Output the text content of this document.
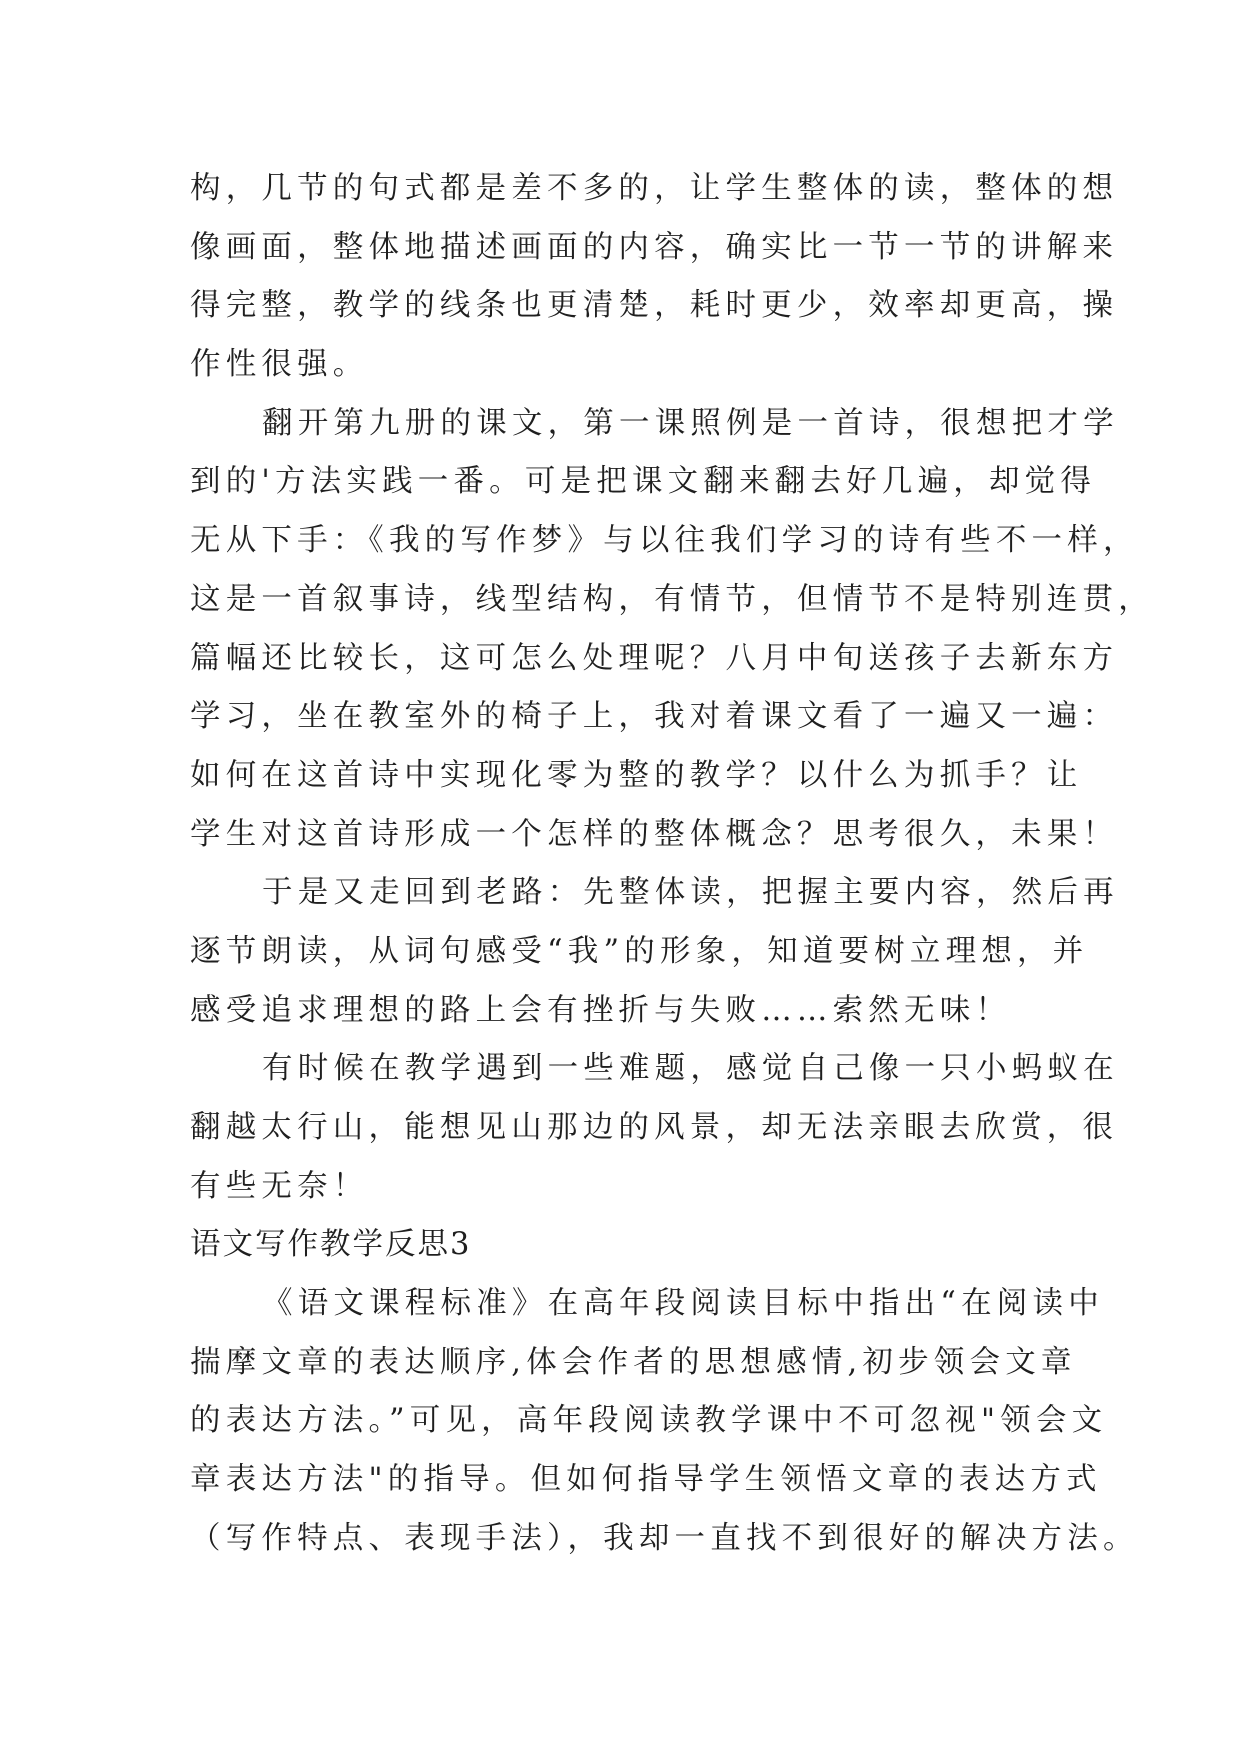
构，几节的句式都是差不多的，让学生整体的读，整体的想
像画面，整体地描述画面的内容，确实比一节一节的讲解来
得完整，教学的线条也更清楚，耗时更少，效率却更高，操
作性很强。
翻开第九册的课文，第一课照例是一首诗，很想把才学
到的'方法实践一番。可是把课文翻来翻去好几遍，却觉得
无从下手：《我的写作梦》与以往我们学习的诗有些不一样，
这是一首叙事诗，线型结构，有情节，但情节不是特别连贯，
篇幅还比较长，这可怎么处理呢？八月中旬送孩子去新东方
学习，坐在教室外的椅子上，我对着课文看了一遍又一遍：
如何在这首诗中实现化零为整的教学？以什么为抓手？让
学生对这首诗形成一个怎样的整体概念？思考很久，未果！
于是又走回到老路：先整体读，把握主要内容，然后再
逐节朗读，从词句感受“我”的形象，知道要树立理想，并
感受追求理想的路上会有挫折与失败……索然无味！
有时候在教学遇到一些难题，感觉自己像一只小蚂蚁在
翻越太行山，能想见山那边的风景，却无法亲眼去欣赏，很
有些无奈！
语文写作教学反思3
《语文课程标准》在高年段阅读目标中指出“在阅读中
揣摩文章的表达顺序,体会作者的思想感情,初步领会文章
的表达方法。”可见，高年段阅读教学课中不可忽视"领会文
章表达方法"的指导。但如何指导学生领悟文章的表达方式
（写作特点、表现手法），我却一直找不到很好的解决方法。
